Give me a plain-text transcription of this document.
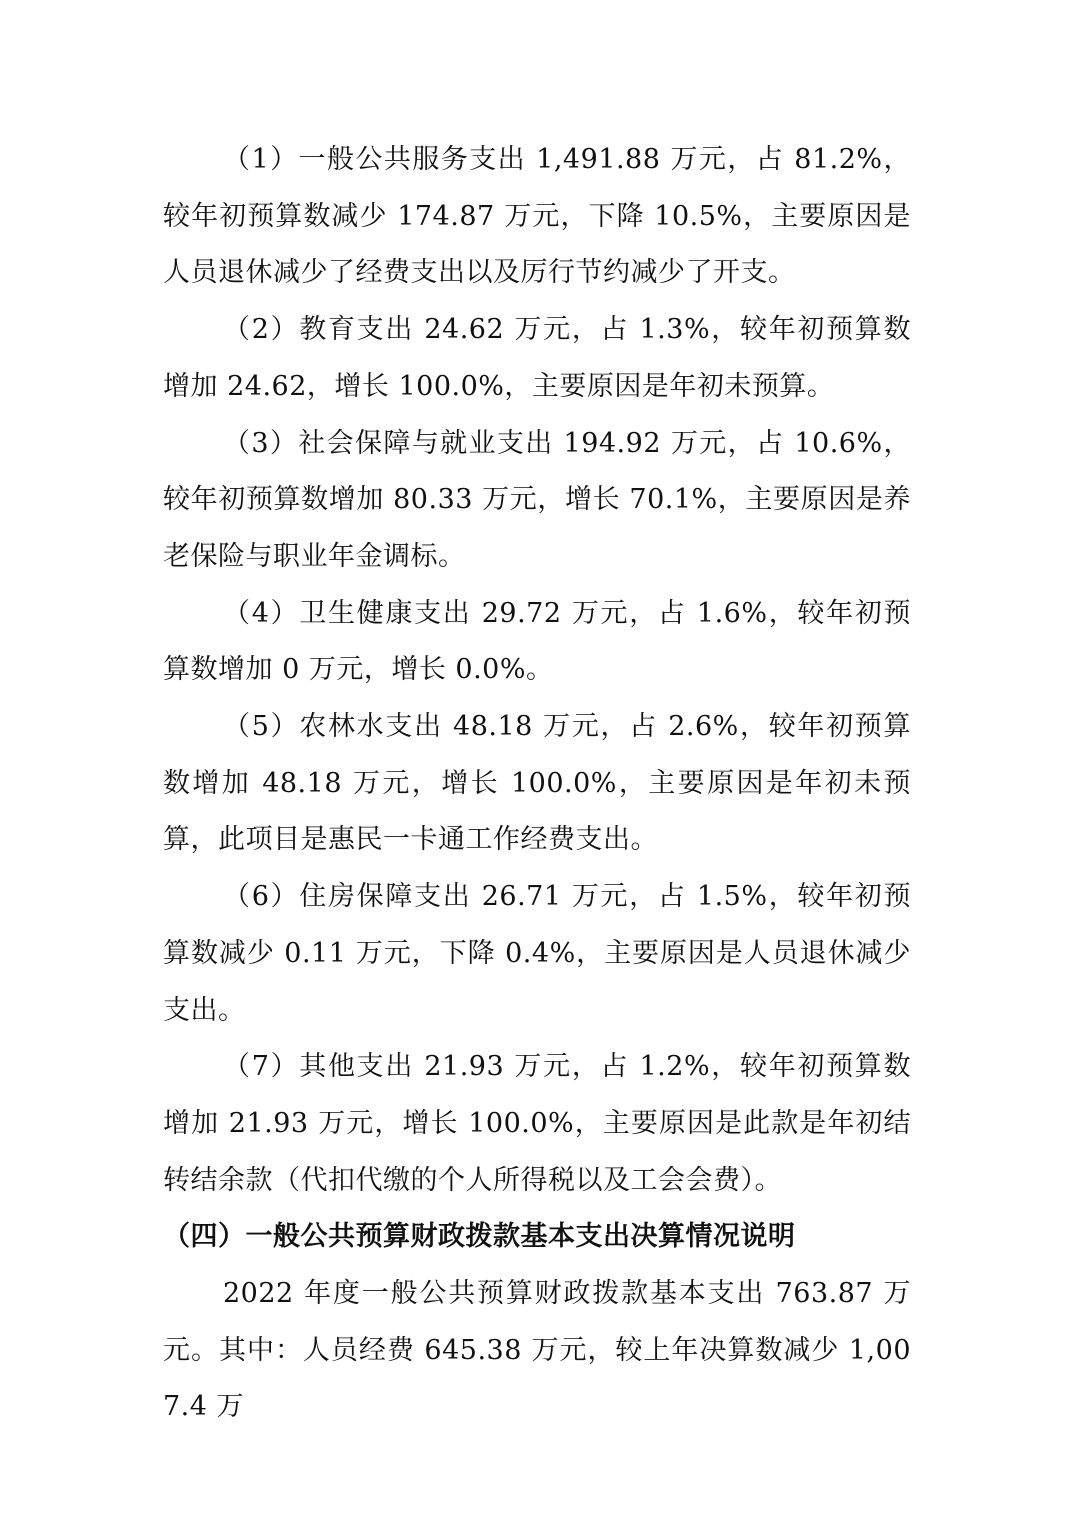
（1）一般公共服务支出 1,491.88 万元，占 81.2%，较年初预算数减少 174.87 万元，下降 10.5%，主要原因是人员退休减少了经费支出以及厉行节约减少了开支。

（2）教育支出 24.62 万元，占 1.3%，较年初预算数增加 24.62，增长 100.0%，主要原因是年初未预算。

（3）社会保障与就业支出 194.92 万元，占 10.6%，较年初预算数增加 80.33 万元，增长 70.1%，主要原因是养老保险与职业年金调标。

（4）卫生健康支出 29.72 万元，占 1.6%，较年初预算数增加 0 万元，增长 0.0%。

（5）农林水支出 48.18 万元，占 2.6%，较年初预算数增加 48.18 万元，增长 100.0%，主要原因是年初未预算，此项目是惠民一卡通工作经费支出。

（6）住房保障支出 26.71 万元，占 1.5%，较年初预算数减少 0.11 万元，下降 0.4%，主要原因是人员退休减少支出。

（7）其他支出 21.93 万元，占 1.2%，较年初预算数增加 21.93 万元，增长 100.0%，主要原因是此款是年初结转结余款（代扣代缴的个人所得税以及工会会费）。

（四）一般公共预算财政拨款基本支出决算情况说明

2022 年度一般公共预算财政拨款基本支出 763.87 万元。其中：人员经费 645.38 万元，较上年决算数减少 1,007.4 万
